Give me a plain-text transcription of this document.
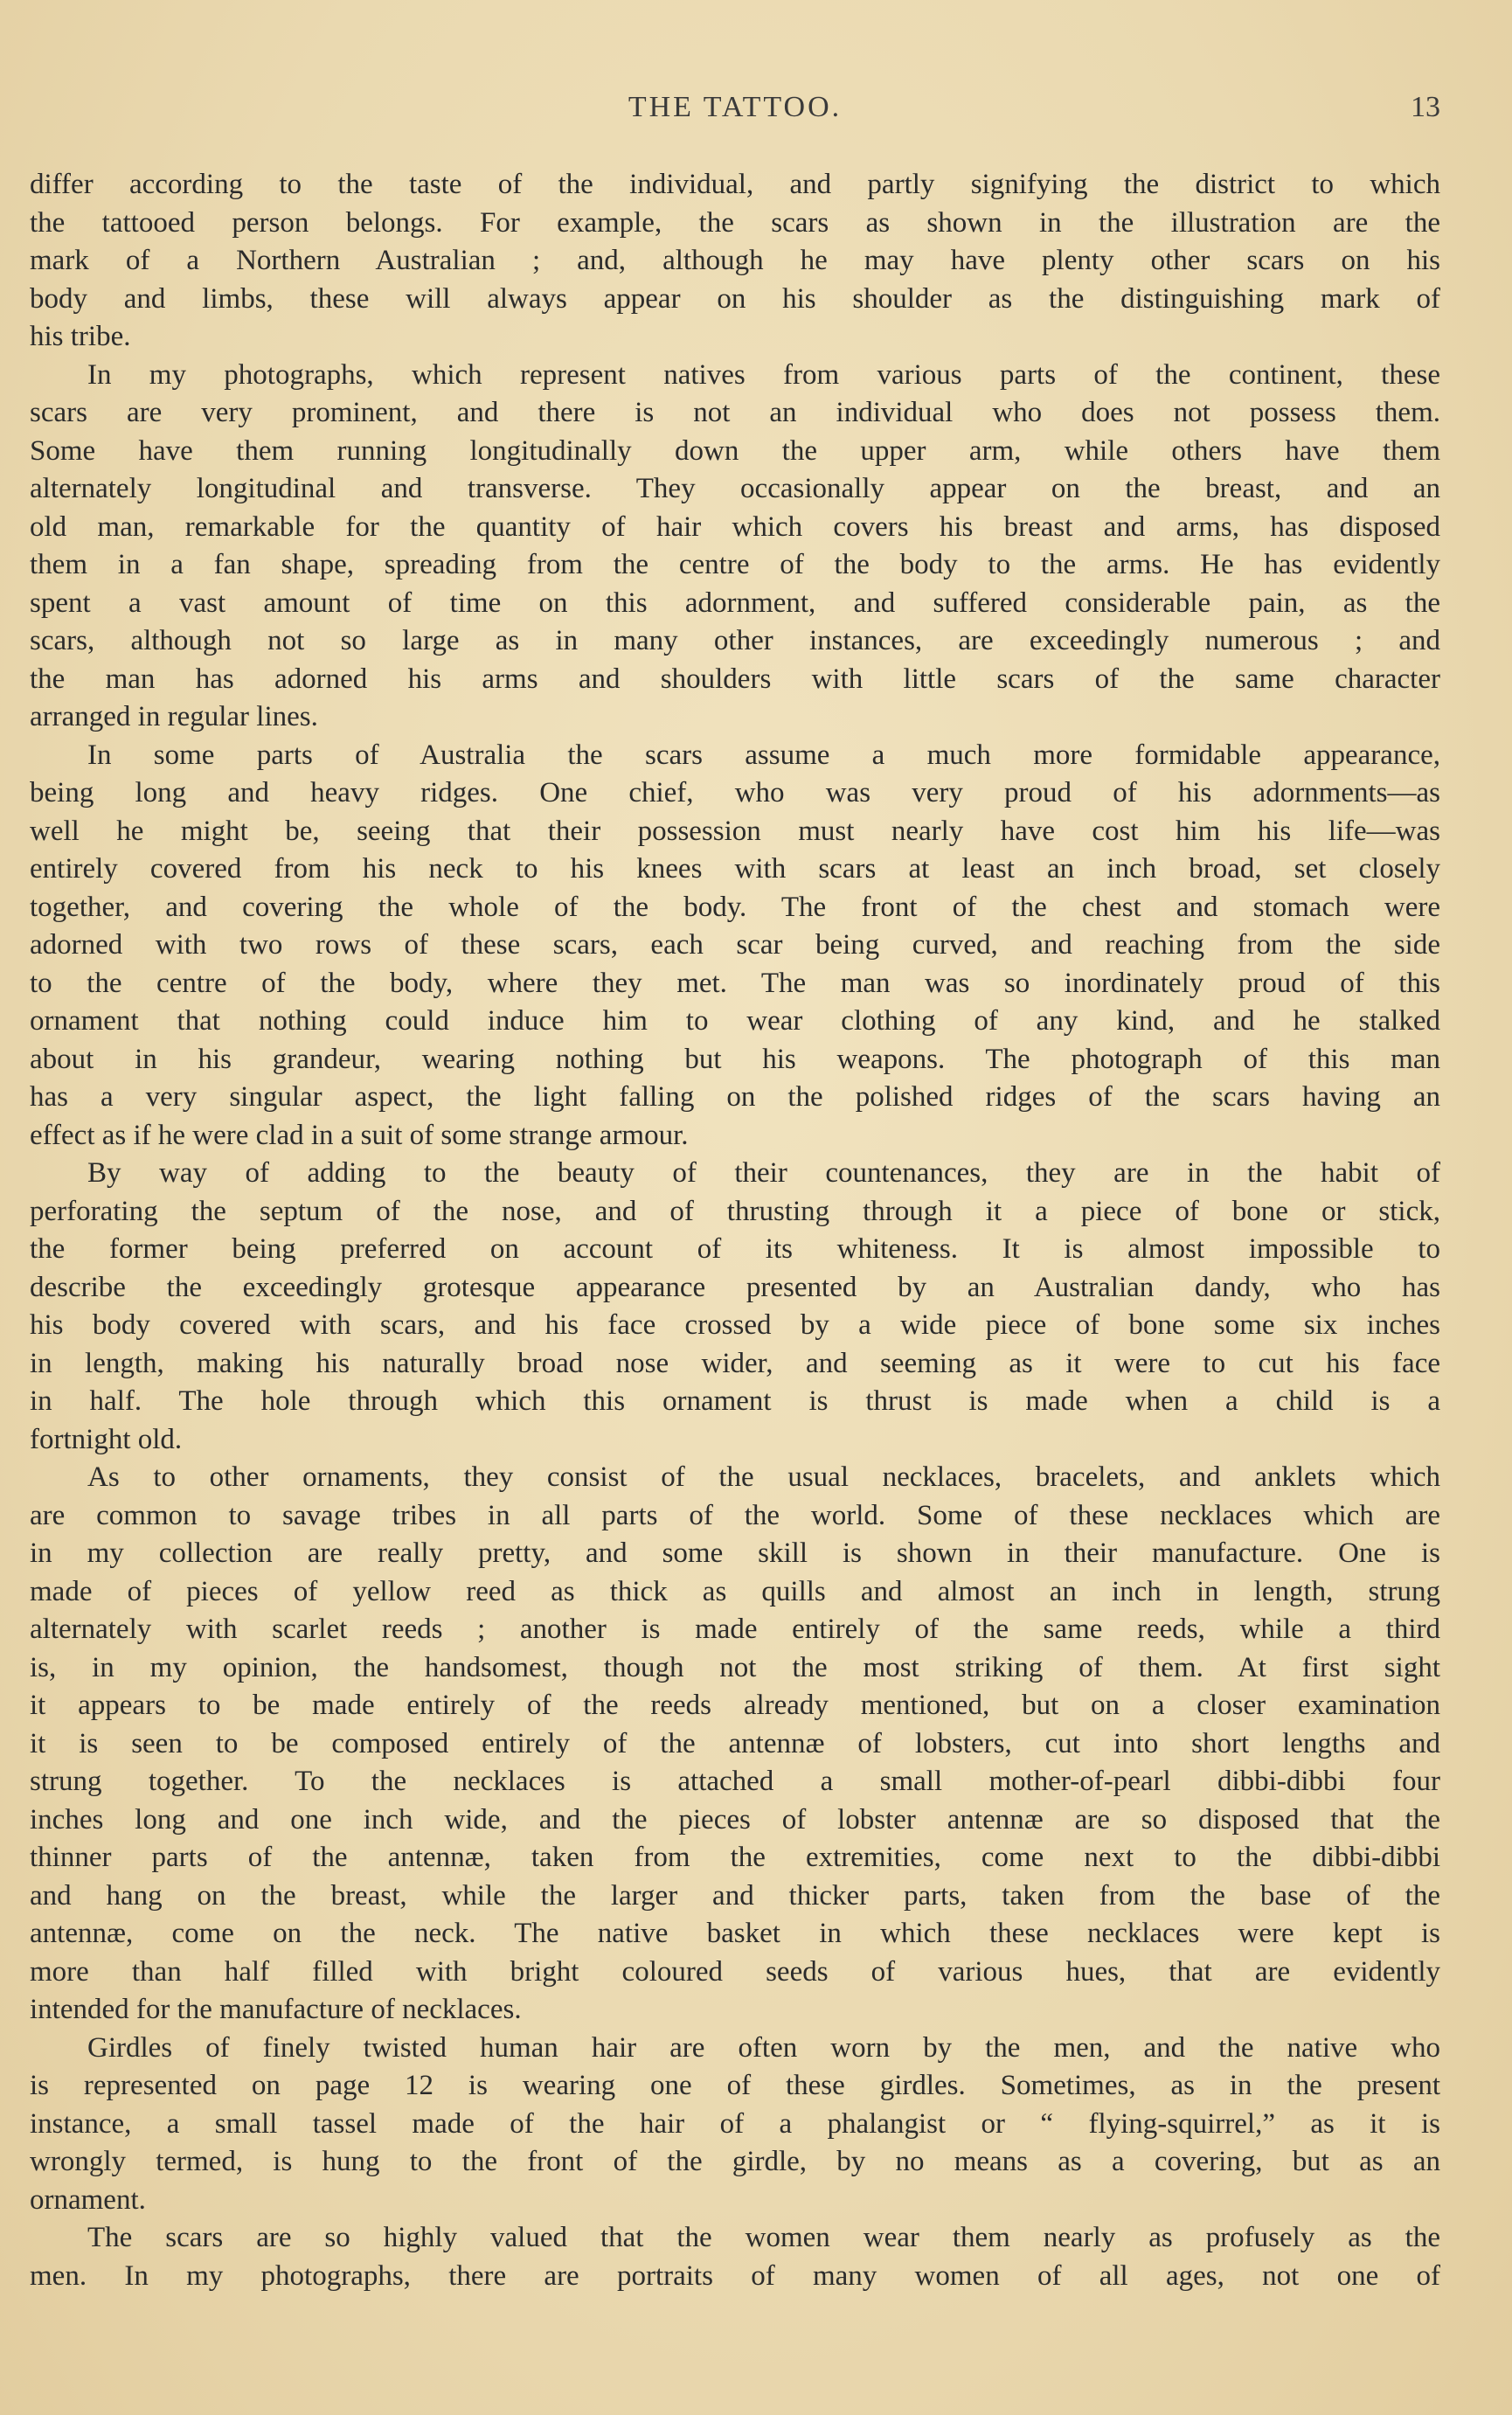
THE TATTOO.	13
differ according to the taste of the individual, and partly signifying the district to which
the tattooed person belongs. For example, the scars as shown in the illustration are the
mark of a Northern Australian ; and, although he may have plenty other scars on his
body and limbs, these will always appear on his shoulder as the distinguishing mark of
his tribe.
In my photographs, which represent natives from various parts of the continent, these
scars are very prominent, and there is not an individual who does not possess them.
Some have them running longitudinally down the upper arm, while others have them
alternately longitudinal and transverse. They occasionally appear on the breast, and an
old man, remarkable for the quantity of hair which covers his breast and arms, has disposed
them in a fan shape, spreading from the centre of the body to the arms. He has evidently
spent a vast amount of time on this adornment, and suffered considerable pain, as the
scars, although not so large as in many other instances, are exceedingly numerous ; and
the man has adorned his arms and shoulders with little scars of the same character
arranged in regular lines.
In some parts of Australia the scars assume a much more formidable appearance,
being long and heavy ridges. One chief, who was very proud of his adornments—as
well he might be, seeing that their possession must nearly have cost him his life—was
entirely covered from his neck to his knees with scars at least an inch broad, set closely
together, and covering the whole of the body. The front of the chest and stomach were
adorned with two rows of these scars, each scar being curved, and reaching from the side
to the centre of the body, where they met. The man was so inordinately proud of this
ornament that nothing could induce him to wear clothing of any kind, and he stalked
about in his grandeur, wearing nothing but his weapons. The photograph of this man
has a very singular aspect, the light falling on the polished ridges of the scars having an
effect as if he were clad in a suit of some strange armour.
By way of adding to the beauty of their countenances, they are in the habit of
perforating the septum of the nose, and of thrusting through it a piece of bone or stick,
the former being preferred on account of its whiteness. It is almost impossible to
describe the exceedingly grotesque appearance presented by an Australian dandy, who has
his body covered with scars, and his face crossed by a wide piece of bone some six inches
in length, making his naturally broad nose wider, and seeming as it were to cut his face
in half. The hole through which this ornament is thrust is made when a child is a
fortnight old.
As to other ornaments, they consist of the usual necklaces, bracelets, and anklets which
are common to savage tribes in all parts of the world. Some of these necklaces which are
in my collection are really pretty, and some skill is shown in their manufacture. One is
made of pieces of yellow reed as thick as quills and almost an inch in length, strung
alternately with scarlet reeds ; another is made entirely of the same reeds, while a third
is, in my opinion, the handsomest, though not the most striking of them. At first sight
it appears to be made entirely of the reeds already mentioned, but on a closer examination
it is seen to be composed entirely of the antennæ of lobsters, cut into short lengths and
strung together. To the necklaces is attached a small mother-of-pearl dibbi-dibbi four
inches long and one inch wide, and the pieces of lobster antennæ are so disposed that the
thinner parts of the antennæ, taken from the extremities, come next to the dibbi-dibbi
and hang on the breast, while the larger and thicker parts, taken from the base of the
antennæ, come on the neck. The native basket in which these necklaces were kept is
more than half filled with bright coloured seeds of various hues, that are evidently
intended for the manufacture of necklaces.
Girdles of finely twisted human hair are often worn by the men, and the native who
is represented on page 12 is wearing one of these girdles. Sometimes, as in the present
instance, a small tassel made of the hair of a phalangist or “ flying-squirrel,” as it is
wrongly termed, is hung to the front of the girdle, by no means as a covering, but as an
ornament.
The scars are so highly valued that the women wear them nearly as profusely as the
men. In my photographs, there are portraits of many women of all ages, not one of
